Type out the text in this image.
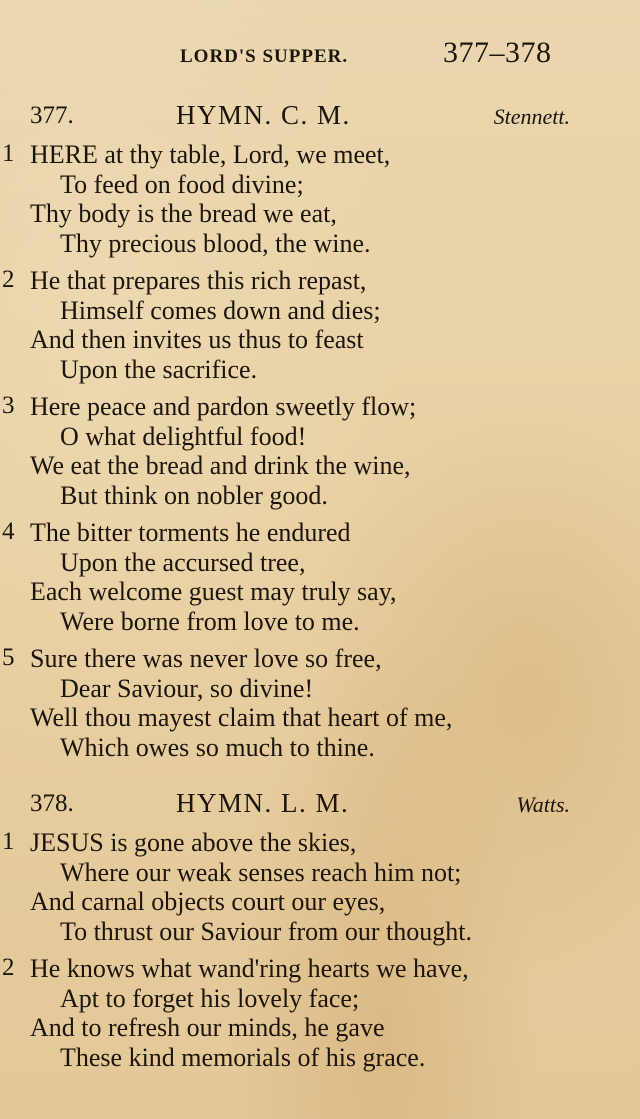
LORD'S SUPPER.	377–378
377.	HYMN. C. M.	Stennett.
1 HERE at thy table, Lord, we meet,
To feed on food divine;
Thy body is the bread we eat,
Thy precious blood, the wine.
2 He that prepares this rich repast,
Himself comes down and dies;
And then invites us thus to feast
Upon the sacrifice.
3 Here peace and pardon sweetly flow;
O what delightful food!
We eat the bread and drink the wine,
But think on nobler good.
4 The bitter torments he endured
Upon the accursed tree,
Each welcome guest may truly say,
Were borne from love to me.
5 Sure there was never love so free,
Dear Saviour, so divine!
Well thou mayest claim that heart of me,
Which owes so much to thine.
378.	HYMN. L. M.	Watts.
1 JESUS is gone above the skies,
Where our weak senses reach him not;
And carnal objects court our eyes,
To thrust our Saviour from our thought.
2 He knows what wand'ring hearts we have,
Apt to forget his lovely face;
And to refresh our minds, he gave
These kind memorials of his grace.
